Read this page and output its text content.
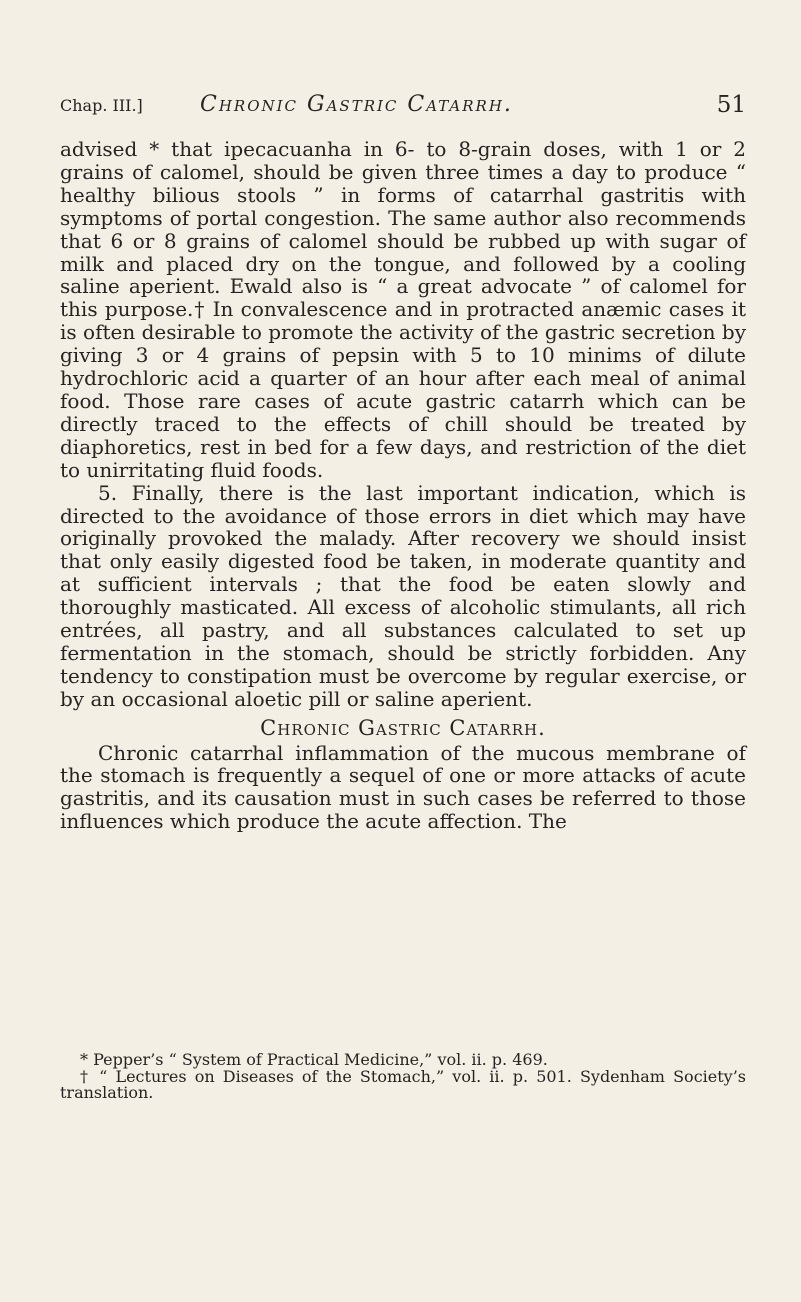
Chap. III.]	Chronic Gastric Catarrh.	51

advised * that ipecacuanha in 6- to 8-grain doses, with 1 or 2 grains of calomel, should be given three times a day to produce “ healthy bilious stools ” in forms of catarrhal gastritis with symptoms of portal congestion. The same author also recommends that 6 or 8 grains of calomel should be rubbed up with sugar of milk and placed dry on the tongue, and followed by a cooling saline aperient. Ewald also is “ a great advocate ” of calomel for this purpose.† In convalescence and in protracted anæmic cases it is often desirable to promote the activity of the gastric secretion by giving 3 or 4 grains of pepsin with 5 to 10 minims of dilute hydrochloric acid a quarter of an hour after each meal of animal food. Those rare cases of acute gastric catarrh which can be directly traced to the effects of chill should be treated by diaphoretics, rest in bed for a few days, and restriction of the diet to unirritating fluid foods.

5. Finally, there is the last important indication, which is directed to the avoidance of those errors in diet which may have originally provoked the malady. After recovery we should insist that only easily digested food be taken, in moderate quantity and at sufficient intervals ; that the food be eaten slowly and thoroughly masticated. All excess of alcoholic stimulants, all rich entrées, all pastry, and all substances calculated to set up fermentation in the stomach, should be strictly forbidden. Any tendency to constipation must be overcome by regular exercise, or by an occasional aloetic pill or saline aperient.

Chronic Gastric Catarrh.

Chronic catarrhal inflammation of the mucous membrane of the stomach is frequently a sequel of one or more attacks of acute gastritis, and its causation must in such cases be referred to those influences which produce the acute affection. The

* Pepper’s “ System of Practical Medicine,” vol. ii. p. 469.

† “ Lectures on Diseases of the Stomach,” vol. ii. p. 501. Sydenham Society’s translation.
